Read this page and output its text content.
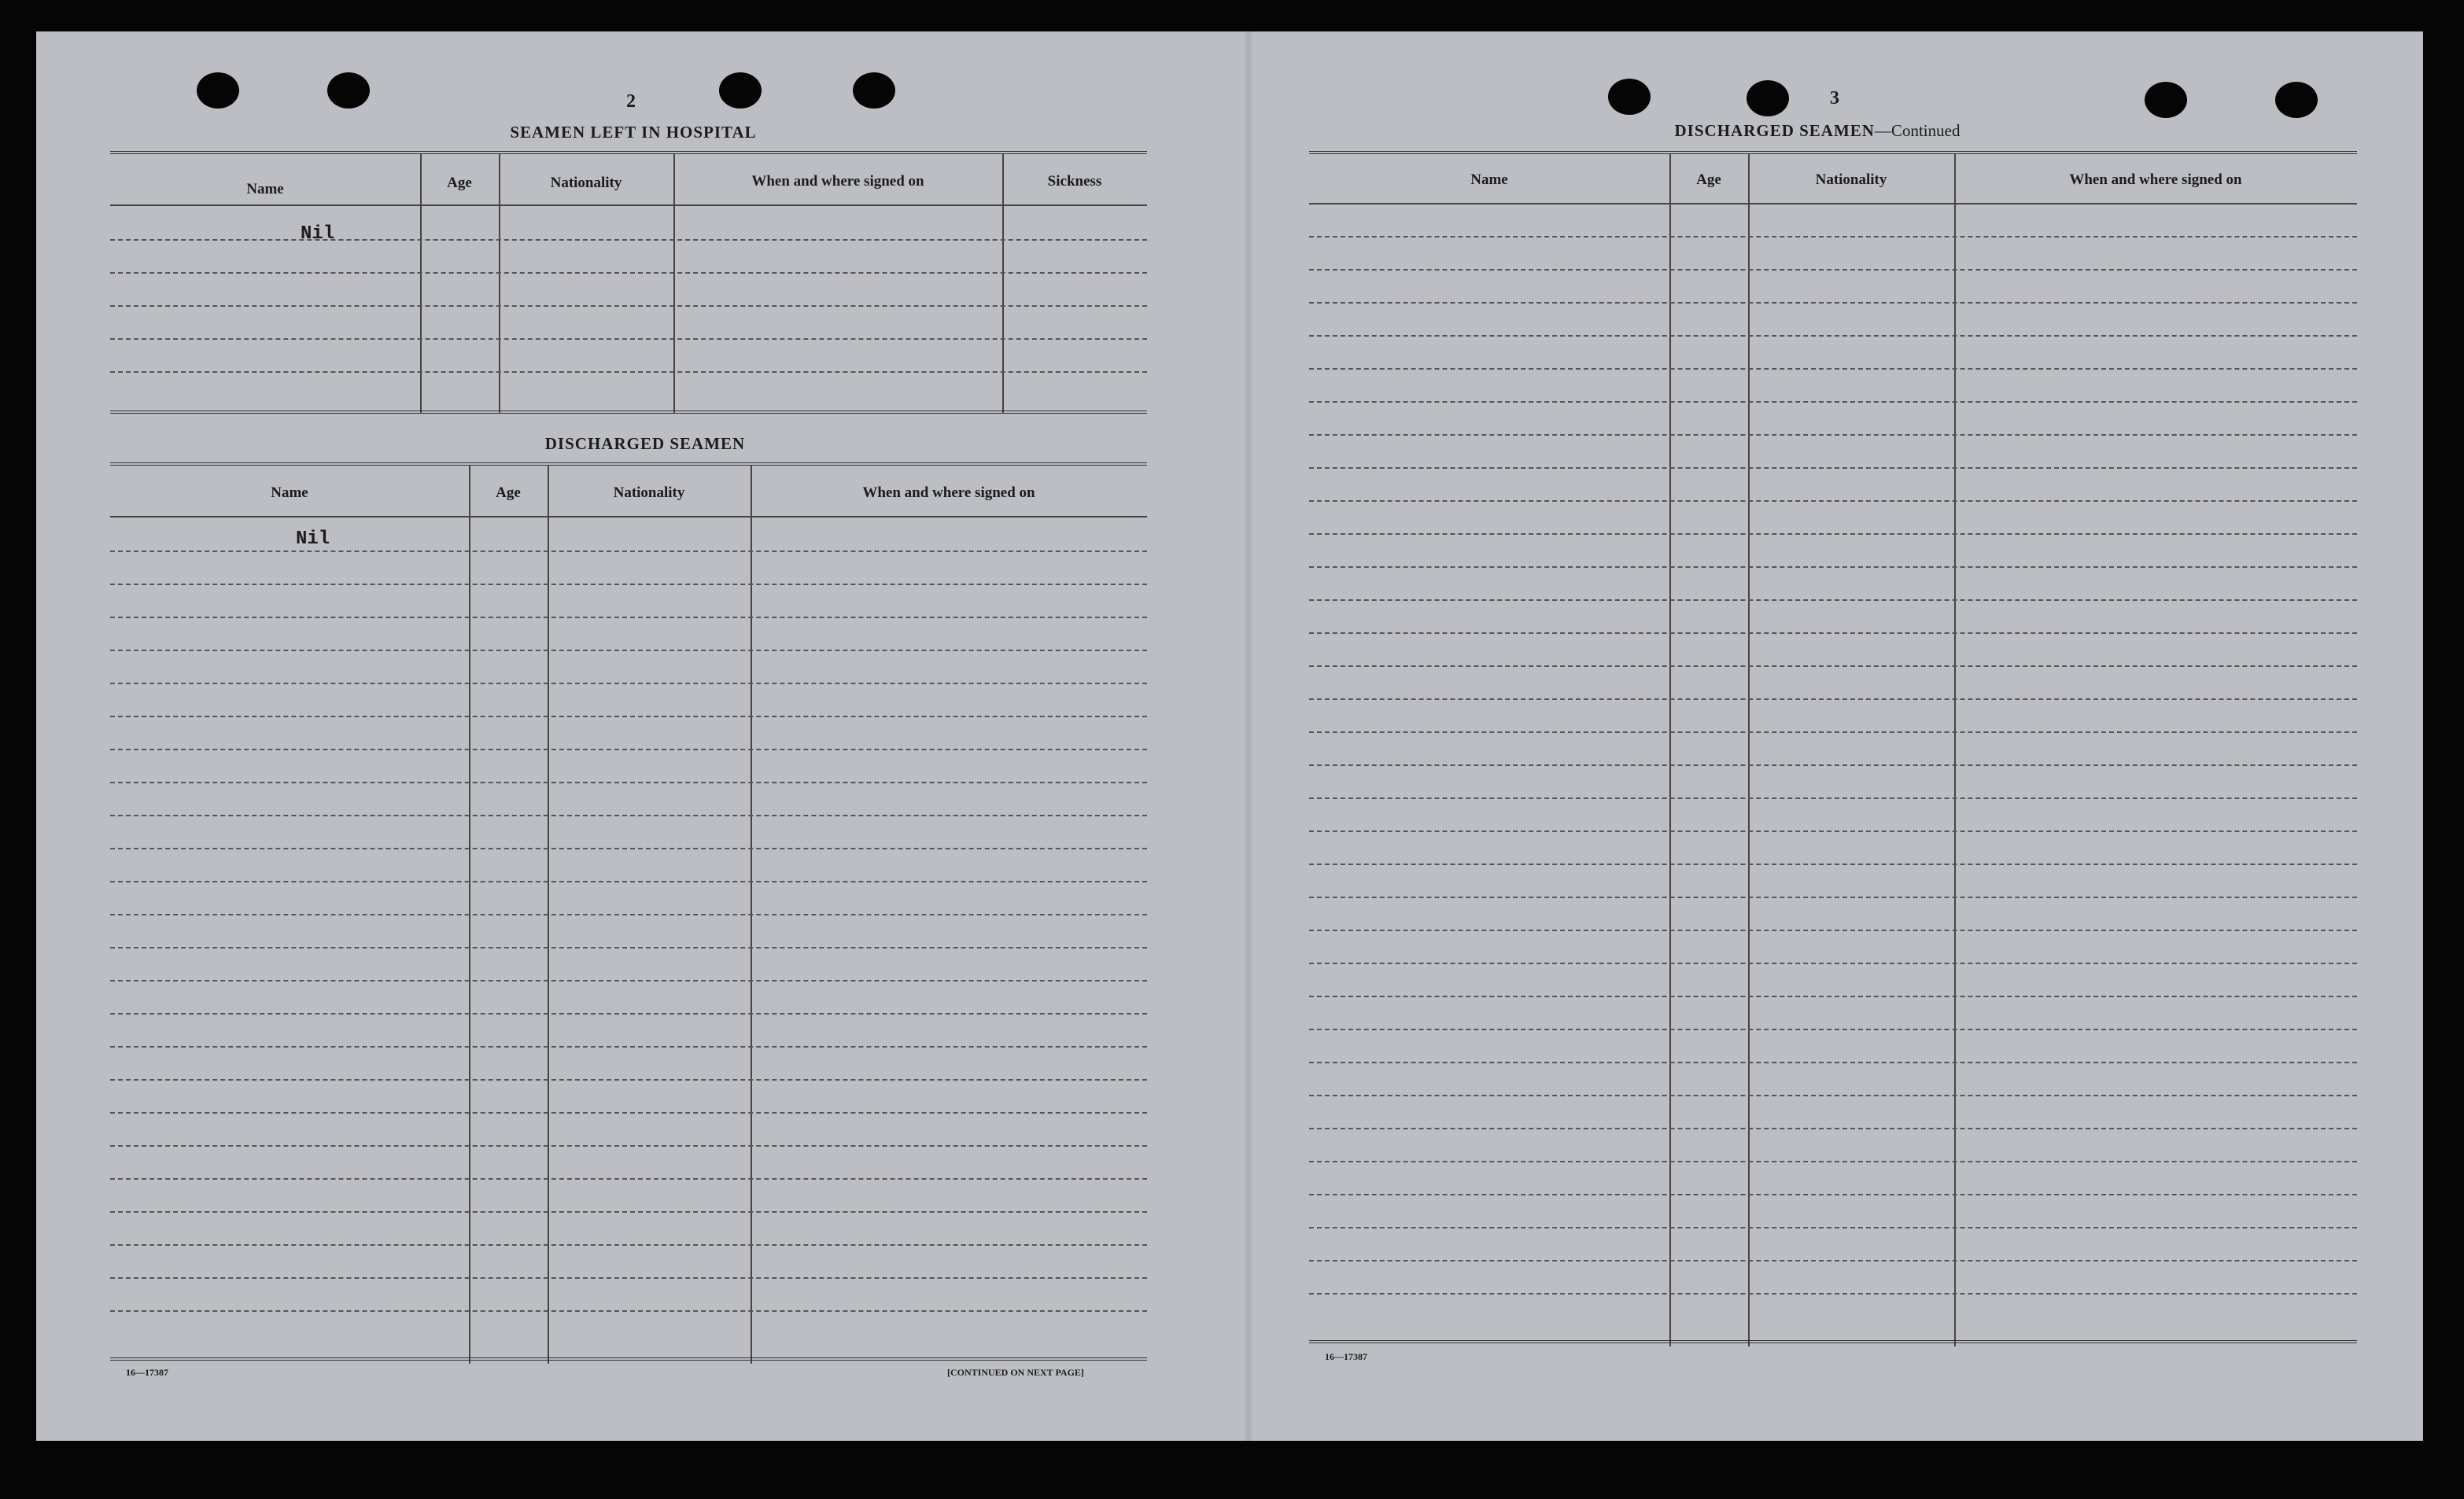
2
SEAMEN LEFT IN HOSPITAL
Name	Age	Nationality	When and where signed on	Sickness
Nil
DISCHARGED SEAMEN
Name	Age	Nationality	When and where signed on
Nil
16—17387	[CONTINUED ON NEXT PAGE]
3
DISCHARGED SEAMEN—Continued
Name	Age	Nationality	When and where signed on
16—17387
